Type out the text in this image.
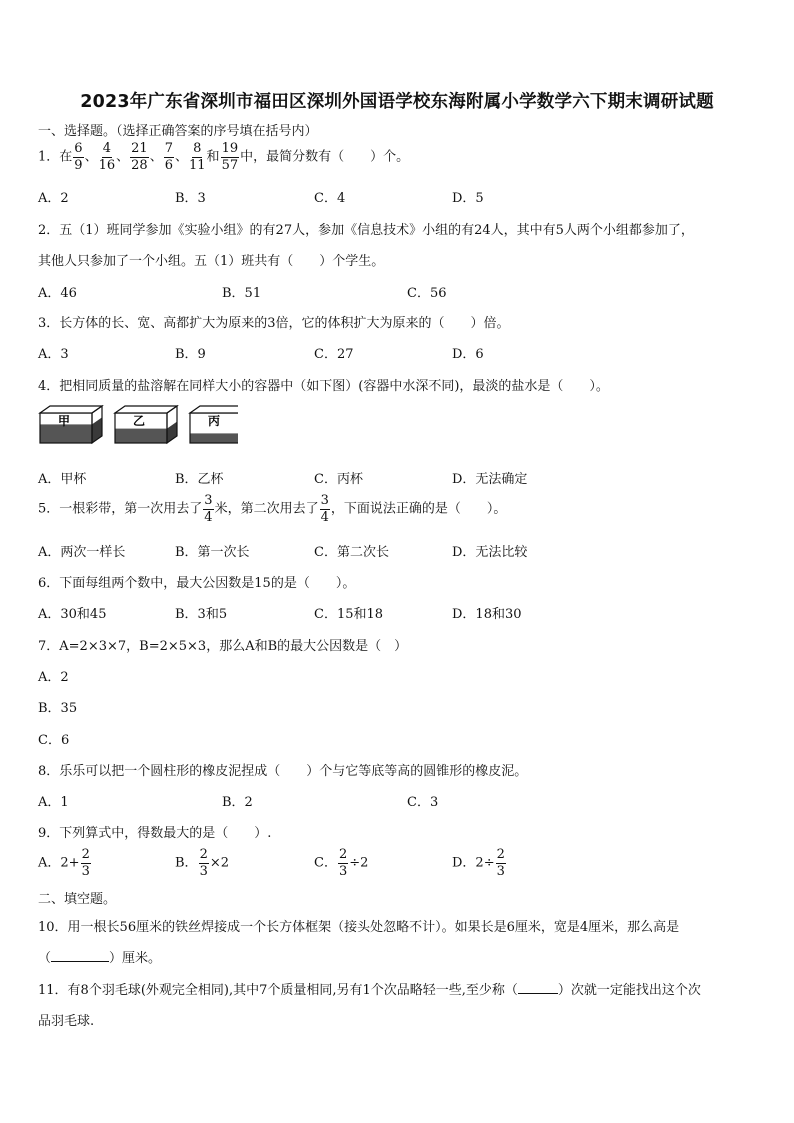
2023年广东省深圳市福田区深圳外国语学校东海附属小学数学六下期末调研试题
一、选择题。（选择正确答案的序号填在括号内）
1．在 $\frac{6}{9}$ 、 $\frac{4}{16}$ 、 $\frac{21}{28}$ 、 $\frac{7}{6}$ 、 $\frac{8}{11}$ 和 $\frac{19}{57}$ 中，最简分数有（　　）个。
A．2	B．3	C．4	D．5
2．五（1）班同学参加《实验小组》的有27人，参加《信息技术》小组的有24人，其中有5人两个小组都参加了，
其他人只参加了一个小组。五（1）班共有（　　）个学生。
A．46	B．51	C．56
3．长方体的长、宽、高都扩大为原来的3倍，它的体积扩大为原来的（　　）倍。
A．3	B．9	C．27	D．6
4．把相同质量的盐溶解在同样大小的容器中（如下图）(容器中水深不同)，最淡的盐水是（　　）。
甲	乙	丙
A．甲杯	B．乙杯	C．丙杯	D．无法确定
5．一根彩带，第一次用去了 $\frac{3}{4}$ 米，第二次用去了 $\frac{3}{4}$ ，下面说法正确的是（　　）。
A．两次一样长	B．第一次长	C．第二次长	D．无法比较
6．下面每组两个数中，最大公因数是15的是（　　）。
A．30和45	B．3和5	C．15和18	D．18和30
7．A=2×3×7，B=2×5×3，那么A和B的最大公因数是（　）
A．2
B．35
C．6
8．乐乐可以把一个圆柱形的橡皮泥捏成（　　）个与它等底等高的圆锥形的橡皮泥。
A．1	B．2	C．3
9．下列算式中，得数最大的是（　　）.
A．$2+ \frac{2}{3}$	B． $\frac{2}{3} \times 2$	C． $\frac{2}{3} \div 2$	D．$2\div \frac{2}{3}$
二、填空题。
10．用一根长56厘米的铁丝焊接成一个长方体框架（接头处忽略不计）。如果长是6厘米，宽是4厘米，那么高是
（	）厘米。
11．有8个羽毛球(外观完全相同),其中7个质量相同,另有1个次品略轻一些,至少称（	）次就一定能找出这个次
品羽毛球.
